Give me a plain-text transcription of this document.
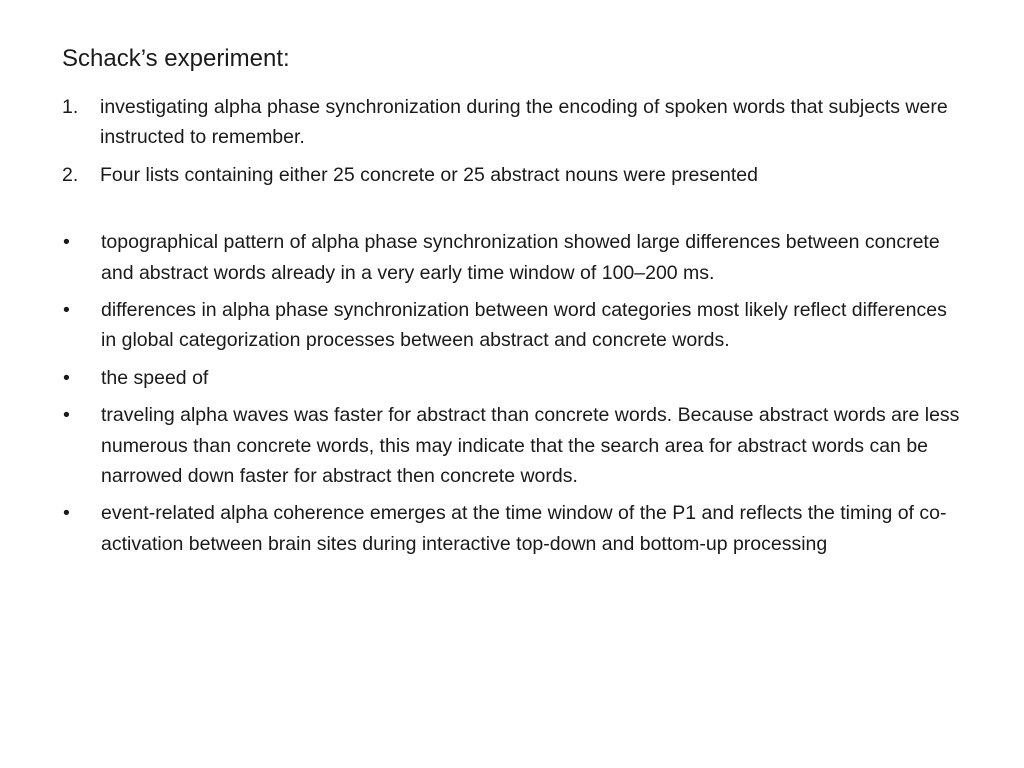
Schack’s experiment:
1.	investigating alpha phase synchronization during the encoding of spoken words that subjects were instructed to remember.
2.	Four lists containing either 25 concrete or 25 abstract nouns were presented
•	topographical pattern of alpha phase synchronization showed large differences between concrete and abstract words already in a very early time window of 100–200 ms.
•	differences in alpha phase synchronization between word categories most likely reflect differences in global categorization processes between abstract and concrete words.
•	the speed of
•	traveling alpha waves was faster for abstract than concrete words. Because abstract words are less numerous than concrete words, this may indicate that the search area for abstract words can be narrowed down faster for abstract then concrete words.
•	event-related alpha coherence emerges at the time window of the P1 and reflects the timing of co-activation between brain sites during interactive top-down and bottom-up processing
